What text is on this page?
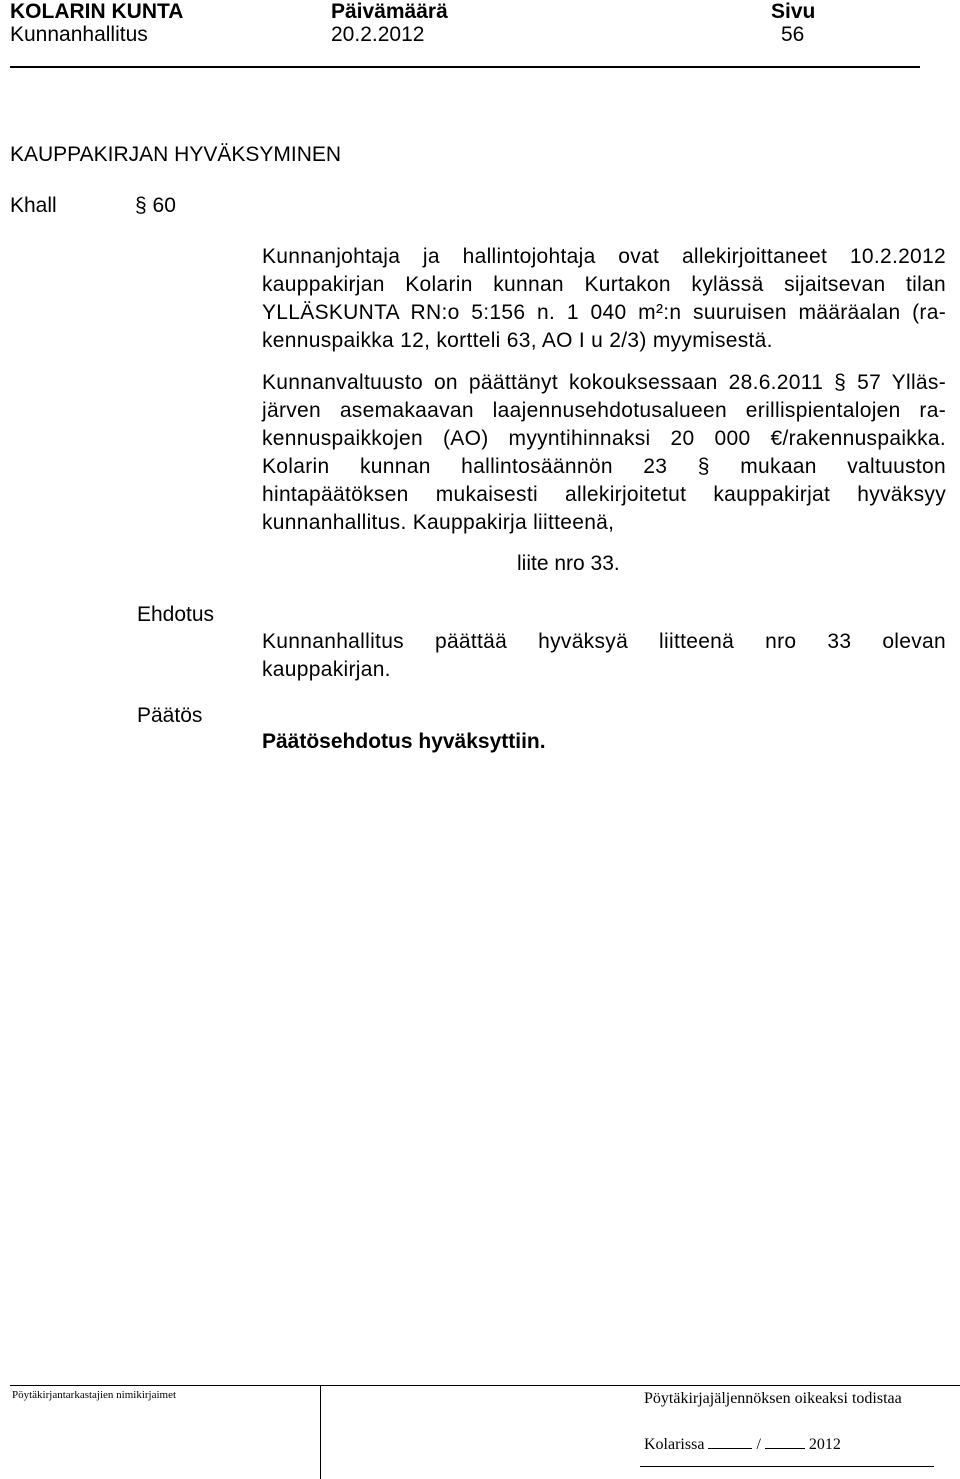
KOLARIN KUNTA
Kunnanhallitus
Päivämäärä
20.2.2012
Sivu
56
KAUPPAKIRJAN HYVÄKSYMINEN
Khall	§ 60
Kunnanjohtaja ja hallintojohtaja ovat allekirjoittaneet 10.2.2012
kauppakirjan Kolarin kunnan Kurtakon kylässä sijaitsevan tilan
YLLÄSKUNTA RN:o 5:156 n. 1 040 m²:n suuruisen määräalan (ra-
kennuspaikka 12, kortteli 63, AO I u 2/3) myymisestä.
Kunnanvaltuusto on päättänyt kokouksessaan 28.6.2011 § 57 Ylläs-
järven asemakaavan laajennusehdotusalueen erillispientalojen ra-
kennuspaikkojen (AO) myyntihinnaksi 20 000 €/rakennuspaikka.
Kolarin kunnan hallintosäännön 23 § mukaan valtuuston
hintapäätöksen mukaisesti allekirjoitetut kauppakirjat hyväksyy
kunnanhallitus. Kauppakirja liitteenä,
liite nro 33.
Ehdotus
Kunnanhallitus päättää hyväksyä liitteenä nro 33 olevan
kauppakirjan.
Päätös
Päätösehdotus hyväksyttiin.
Pöytäkirjantarkastajien nimikirjaimet	Pöytäkirjajäljennöksen oikeaksi todistaa
Kolarissa	/	2012
